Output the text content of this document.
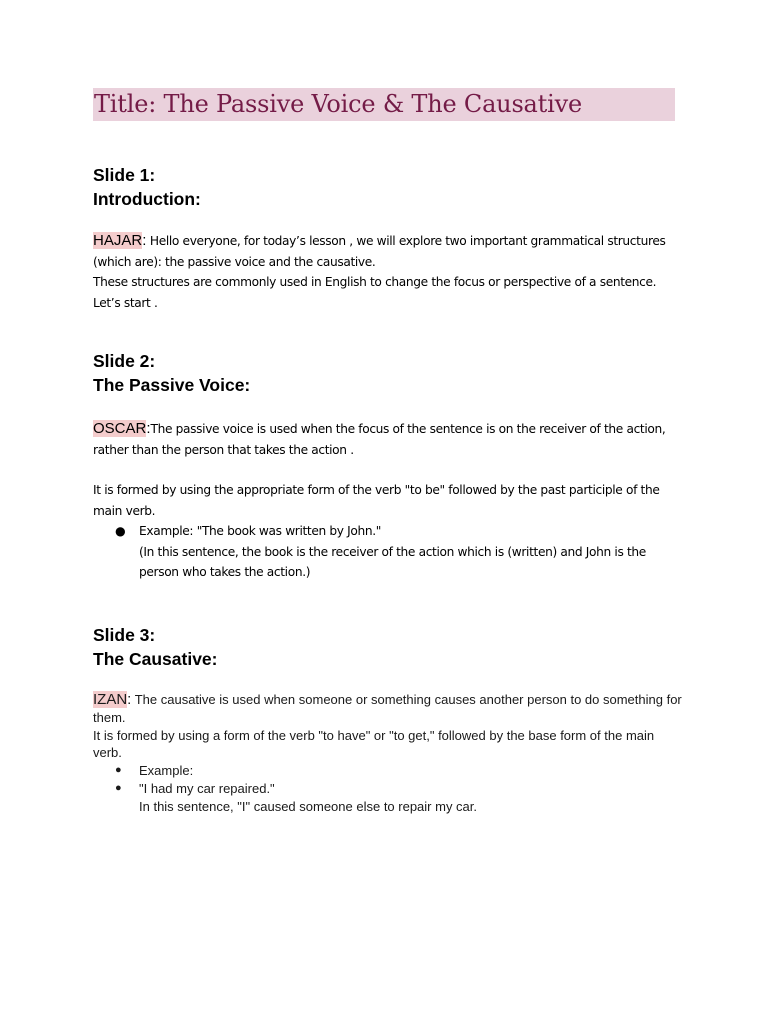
Title: The Passive Voice & The Causative
Slide 1:
Introduction:

HAJAR: Hello everyone, for today’s lesson , we will explore two important grammatical structures (which are): the passive voice and the causative.

These structures are commonly used in English to change the focus or perspective of a sentence.

Let’s start .

Slide 2:
The Passive Voice:

OSCAR:The passive voice is used when the focus of the sentence is on the receiver of the action, rather than the person that takes the action .

It is formed by using the appropriate form of the verb "to be" followed by the past participle of the main verb.

● Example: "The book was written by John."
(In this sentence, the book is the receiver of the action which is (written) and John is the person who takes the action.)
Slide 3:
The Causative:

IZAN: The causative is used when someone or something causes another person to do something for them.

It is formed by using a form of the verb "to have" or "to get," followed by the base form of the main verb.

● Example:
● "I had my car repaired."
In this sentence, "I" caused someone else to repair my car.
